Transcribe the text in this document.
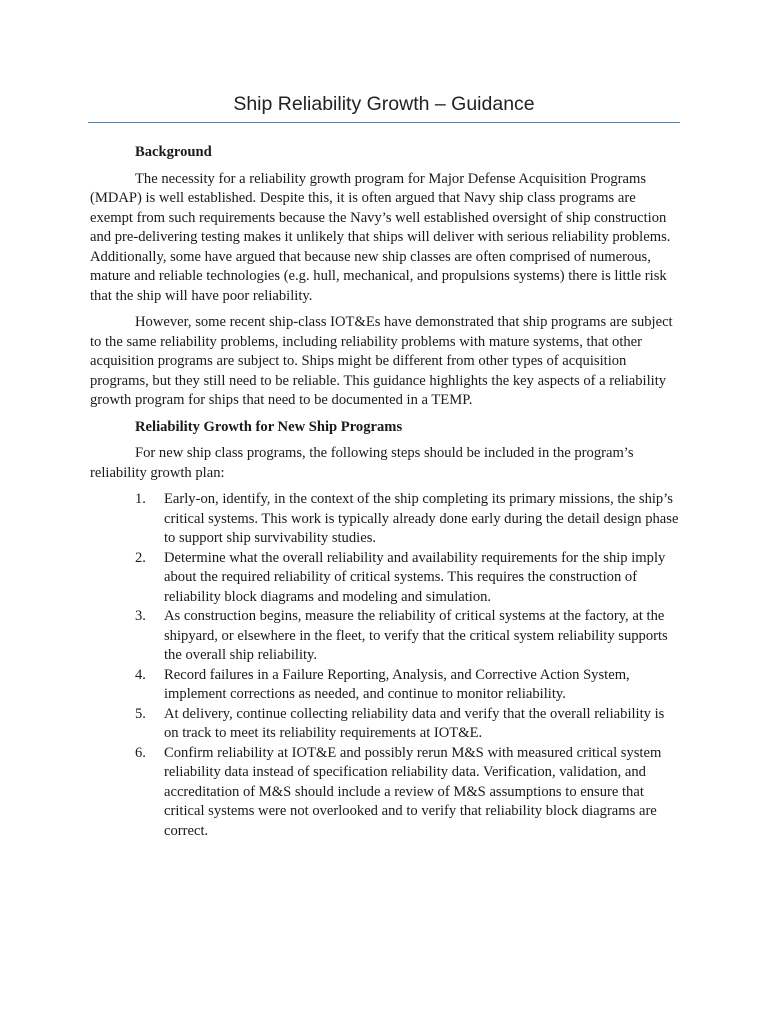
Ship Reliability Growth – Guidance
Background

The necessity for a reliability growth program for Major Defense Acquisition Programs (MDAP) is well established. Despite this, it is often argued that Navy ship class programs are exempt from such requirements because the Navy’s well established oversight of ship construction and pre-delivering testing makes it unlikely that ships will deliver with serious reliability problems. Additionally, some have argued that because new ship classes are often comprised of numerous, mature and reliable technologies (e.g. hull, mechanical, and propulsions systems) there is little risk that the ship will have poor reliability.

However, some recent ship-class IOT&Es have demonstrated that ship programs are subject to the same reliability problems, including reliability problems with mature systems, that other acquisition programs are subject to. Ships might be different from other types of acquisition programs, but they still need to be reliable. This guidance highlights the key aspects of a reliability growth program for ships that need to be documented in a TEMP.

Reliability Growth for New Ship Programs

For new ship class programs, the following steps should be included in the program’s reliability growth plan:

1. Early-on, identify, in the context of the ship completing its primary missions, the ship’s critical systems. This work is typically already done early during the detail design phase to support ship survivability studies.
2. Determine what the overall reliability and availability requirements for the ship imply about the required reliability of critical systems. This requires the construction of reliability block diagrams and modeling and simulation.
3. As construction begins, measure the reliability of critical systems at the factory, at the shipyard, or elsewhere in the fleet, to verify that the critical system reliability supports the overall ship reliability.
4. Record failures in a Failure Reporting, Analysis, and Corrective Action System, implement corrections as needed, and continue to monitor reliability.
5. At delivery, continue collecting reliability data and verify that the overall reliability is on track to meet its reliability requirements at IOT&E.
6. Confirm reliability at IOT&E and possibly rerun M&S with measured critical system reliability data instead of specification reliability data. Verification, validation, and accreditation of M&S should include a review of M&S assumptions to ensure that critical systems were not overlooked and to verify that reliability block diagrams are correct.
